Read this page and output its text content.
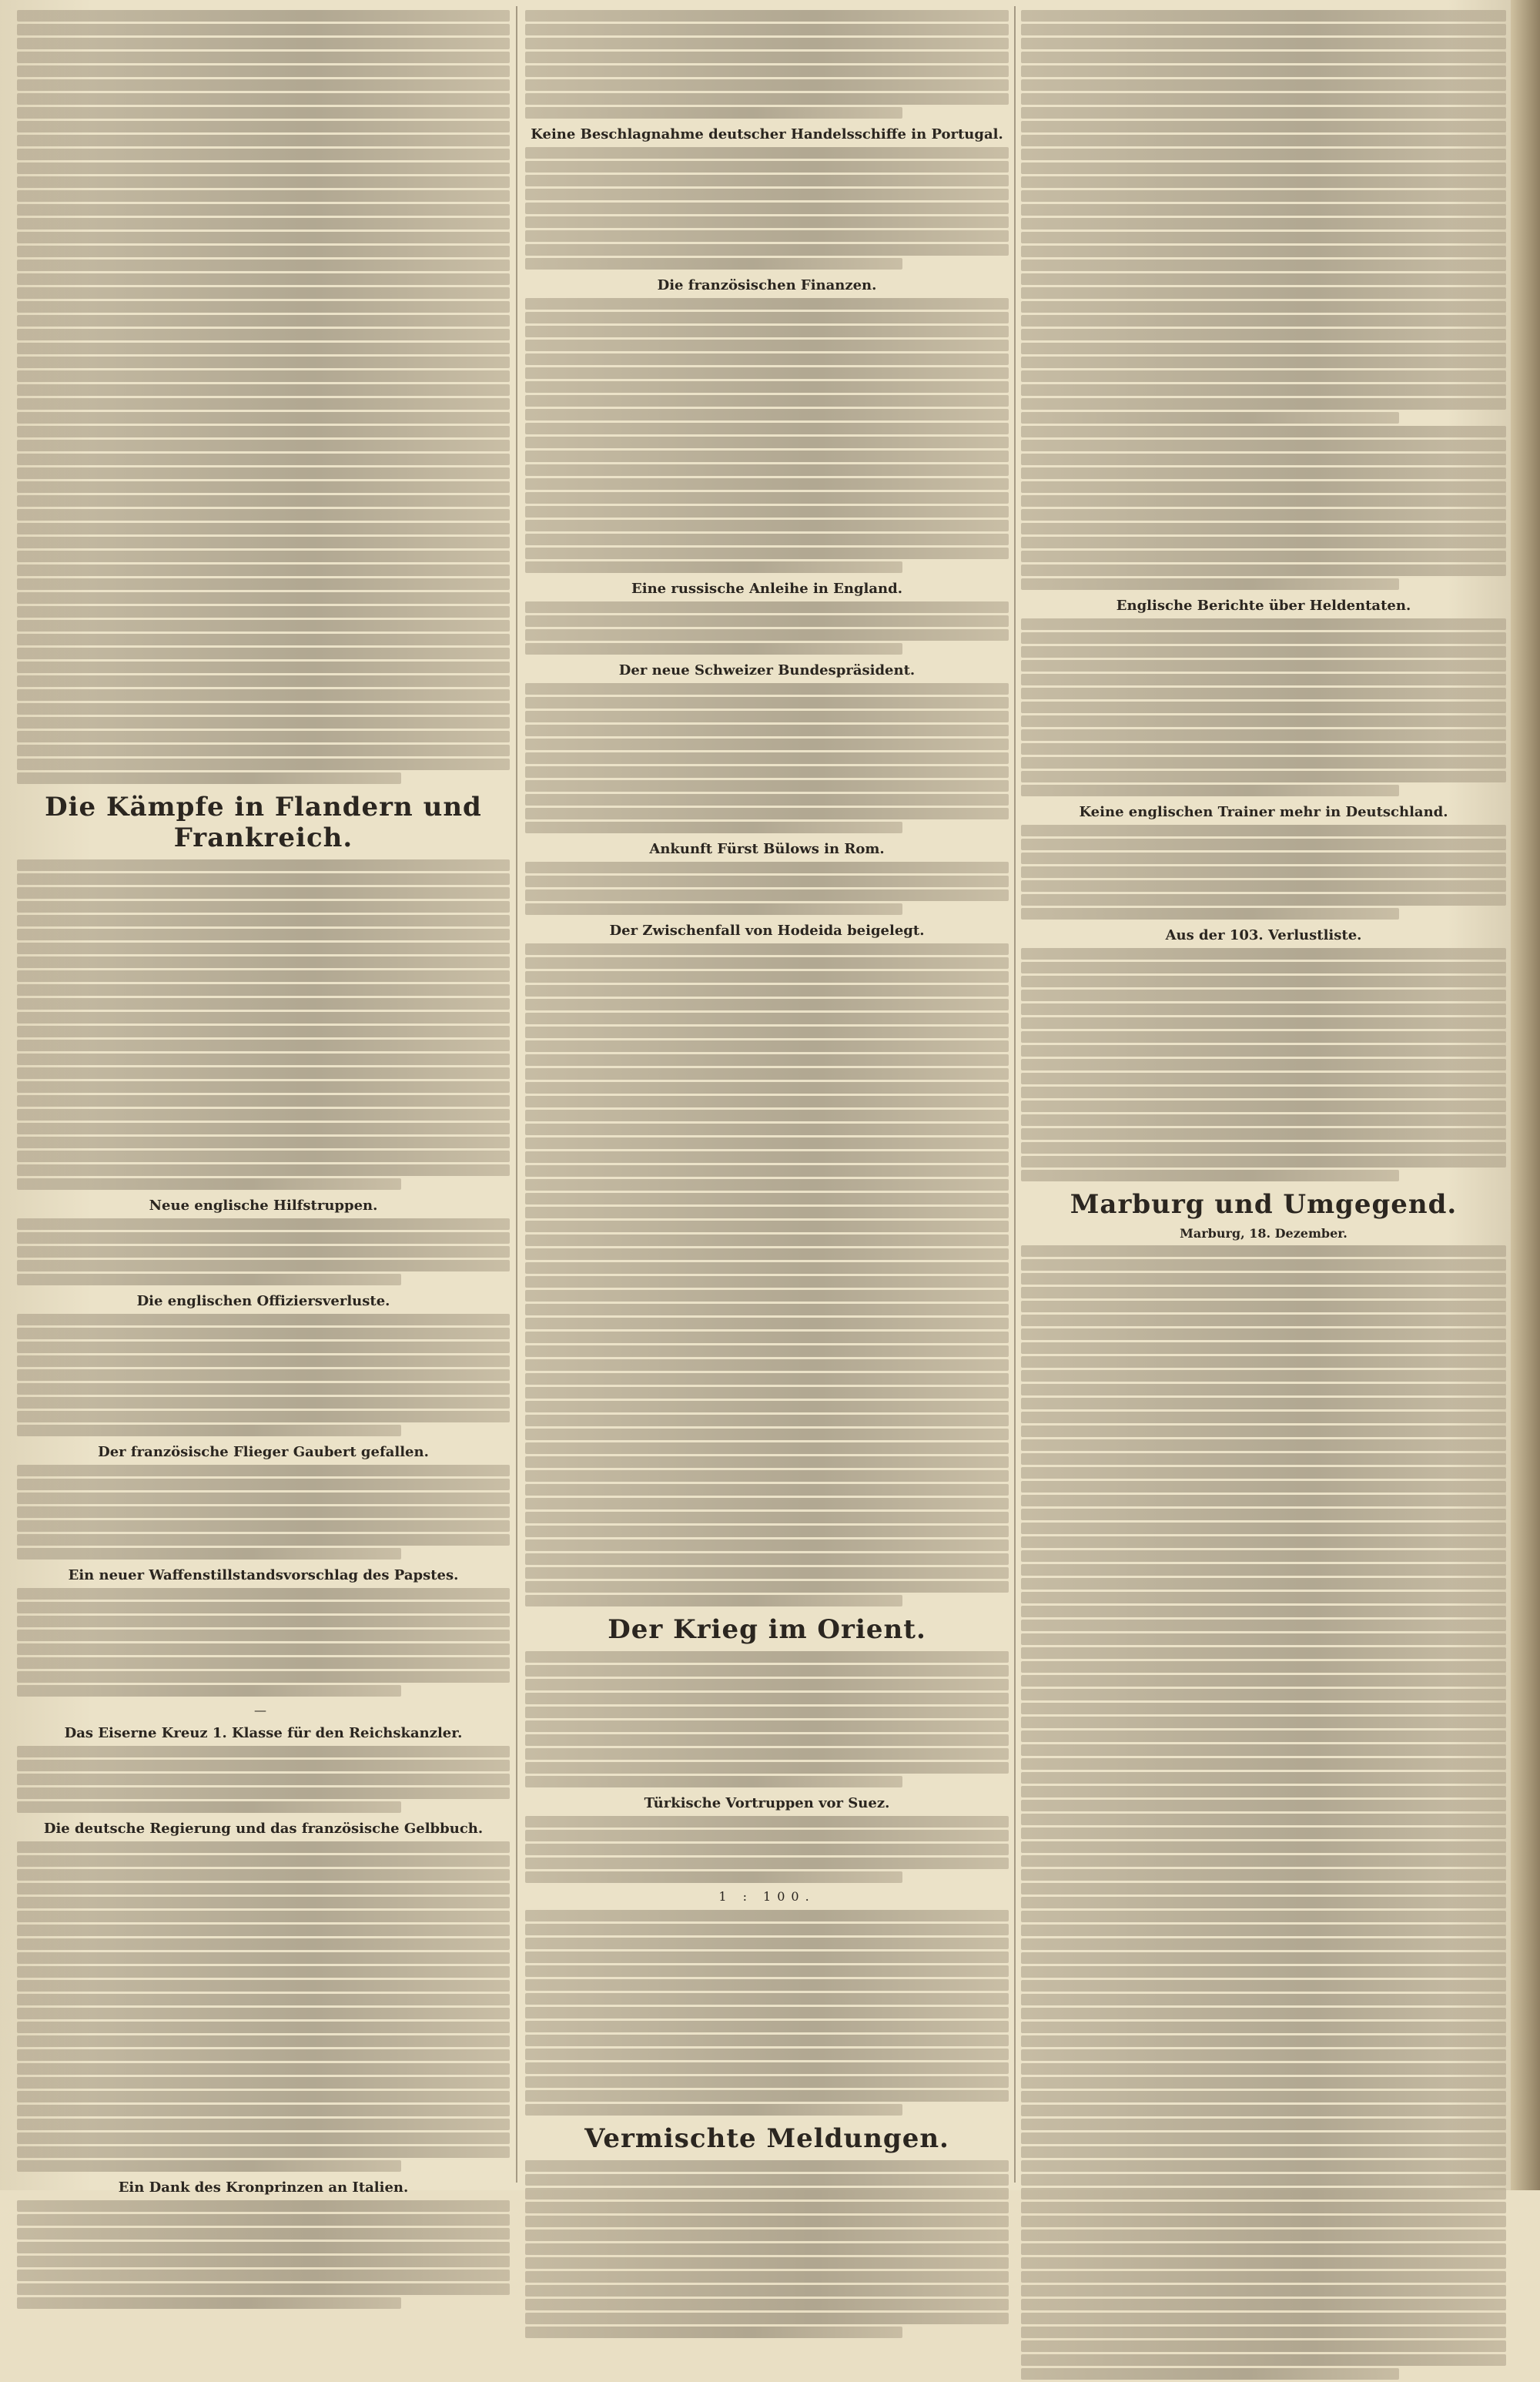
Die Kämpfe in Flandern und Frankreich.
Neue englische Hilfstruppen.
Die englischen Offiziersverluste.
Der französische Flieger Gaubert gefallen.
Ein neuer Waffenstillstandsvorschlag des Papstes.
—
Das Eiserne Kreuz 1. Klasse für den Reichskanzler.
Die deutsche Regierung und das französische Gelbbuch.
Ein Dank des Kronprinzen an Italien.
Keine Beschlagnahme deutscher Handelsschiffe in Portugal.
Die französischen Finanzen.
Eine russische Anleihe in England.
Der neue Schweizer Bundespräsident.
Ankunft Fürst Bülows in Rom.
Der Zwischenfall von Hodeida beigelegt.
Der Krieg im Orient.
Türkische Vortruppen vor Suez.
1 : 100.
Vermischte Meldungen.
Englische Berichte über Heldentaten.
Keine englischen Trainer mehr in Deutschland.
Aus der 103. Verlustliste.
Marburg und Umgegend.
Marburg, 18. Dezember.
